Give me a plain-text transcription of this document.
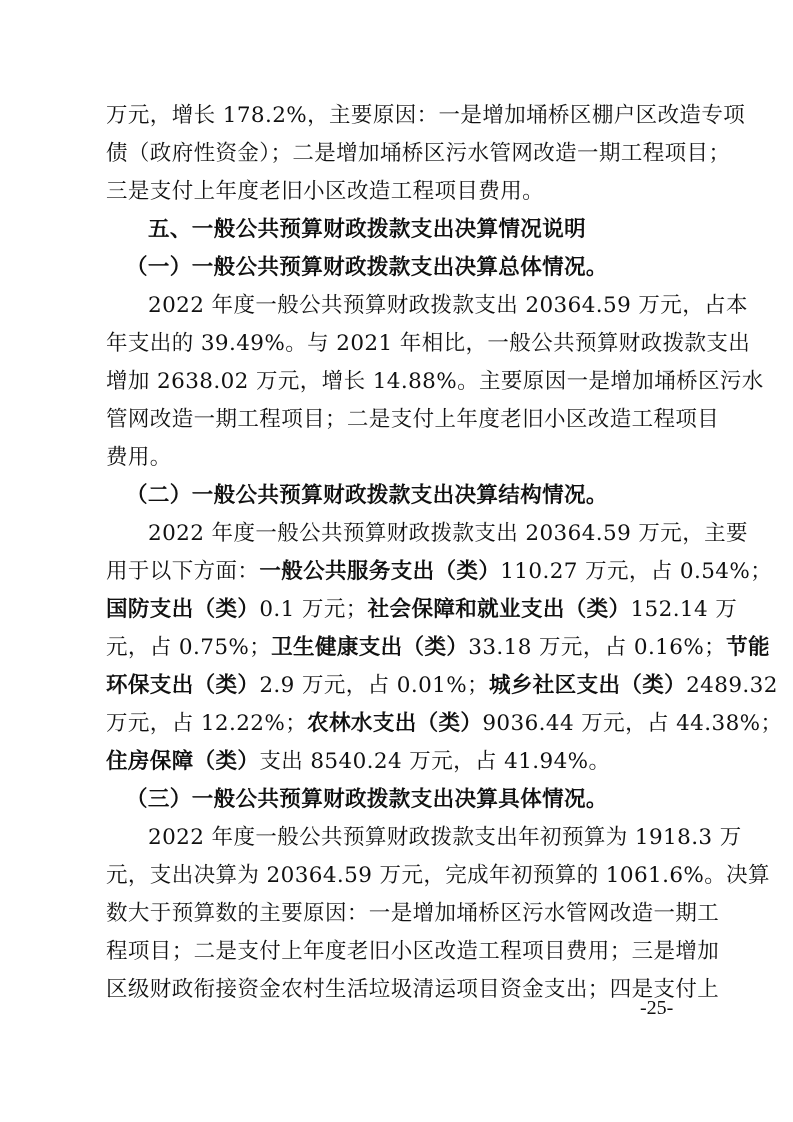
万元，增长 178.2%，主要原因：一是增加埇桥区棚户区改造专项
债（政府性资金）；二是增加埇桥区污水管网改造一期工程项目；
三是支付上年度老旧小区改造工程项目费用。
五、一般公共预算财政拨款支出决算情况说明
（一）一般公共预算财政拨款支出决算总体情况。
2022 年度一般公共预算财政拨款支出 20364.59 万元，占本
年支出的 39.49%。与 2021 年相比，一般公共预算财政拨款支出
增加 2638.02 万元，增长 14.88%。主要原因一是增加埇桥区污水
管网改造一期工程项目；二是支付上年度老旧小区改造工程项目
费用。
（二）一般公共预算财政拨款支出决算结构情况。
2022 年度一般公共预算财政拨款支出 20364.59 万元，主要
用于以下方面：一般公共服务支出（类）110.27 万元，占 0.54%；
国防支出（类）0.1 万元；社会保障和就业支出（类）152.14 万
元，占 0.75%；卫生健康支出（类）33.18 万元，占 0.16%；节能
环保支出（类）2.9 万元，占 0.01%；城乡社区支出（类）2489.32
万元，占 12.22%；农林水支出（类）9036.44 万元，占 44.38%；
住房保障（类）支出 8540.24 万元，占 41.94%。
（三）一般公共预算财政拨款支出决算具体情况。
2022 年度一般公共预算财政拨款支出年初预算为 1918.3 万
元，支出决算为 20364.59 万元，完成年初预算的 1061.6%。决算
数大于预算数的主要原因：一是增加埇桥区污水管网改造一期工
程项目；二是支付上年度老旧小区改造工程项目费用；三是增加
区级财政衔接资金农村生活垃圾清运项目资金支出；四是支付上
-25-
